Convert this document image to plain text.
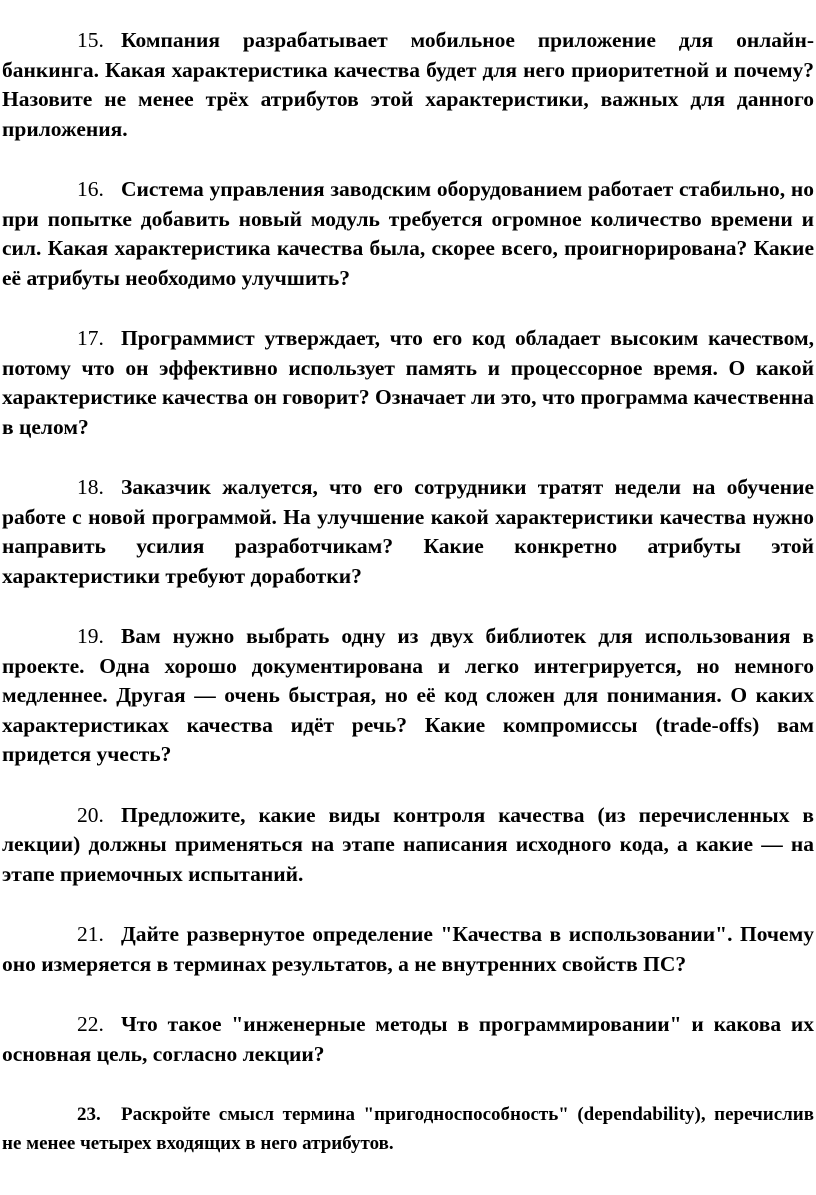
15. Компания разрабатывает мобильное приложение для онлайн-банкинга. Какая характеристика качества будет для него приоритетной и почему? Назовите не менее трёх атрибутов этой характеристики, важных для данного приложения.

16. Система управления заводским оборудованием работает стабильно, но при попытке добавить новый модуль требуется огромное количество времени и сил. Какая характеристика качества была, скорее всего, проигнорирована? Какие её атрибуты необходимо улучшить?

17. Программист утверждает, что его код обладает высоким качеством, потому что он эффективно использует память и процессорное время. О какой характеристике качества он говорит? Означает ли это, что программа качественна в целом?

18. Заказчик жалуется, что его сотрудники тратят недели на обучение работе с новой программой. На улучшение какой характеристики качества нужно направить усилия разработчикам? Какие конкретно атрибуты этой характеристики требуют доработки?

19. Вам нужно выбрать одну из двух библиотек для использования в проекте. Одна хорошо документирована и легко интегрируется, но немного медленнее. Другая — очень быстрая, но её код сложен для понимания. О каких характеристиках качества идёт речь? Какие компромиссы (trade-offs) вам придется учесть?

20. Предложите, какие виды контроля качества (из перечисленных в лекции) должны применяться на этапе написания исходного кода, а какие — на этапе приемочных испытаний.

21. Дайте развернутое определение "Качества в использовании". Почему оно измеряется в терминах результатов, а не внутренних свойств ПС?

22. Что такое "инженерные методы в программировании" и какова их основная цель, согласно лекции?

23. Раскройте смысл термина "пригодноспособность" (dependability), перечислив не менее четырех входящих в него атрибутов.
